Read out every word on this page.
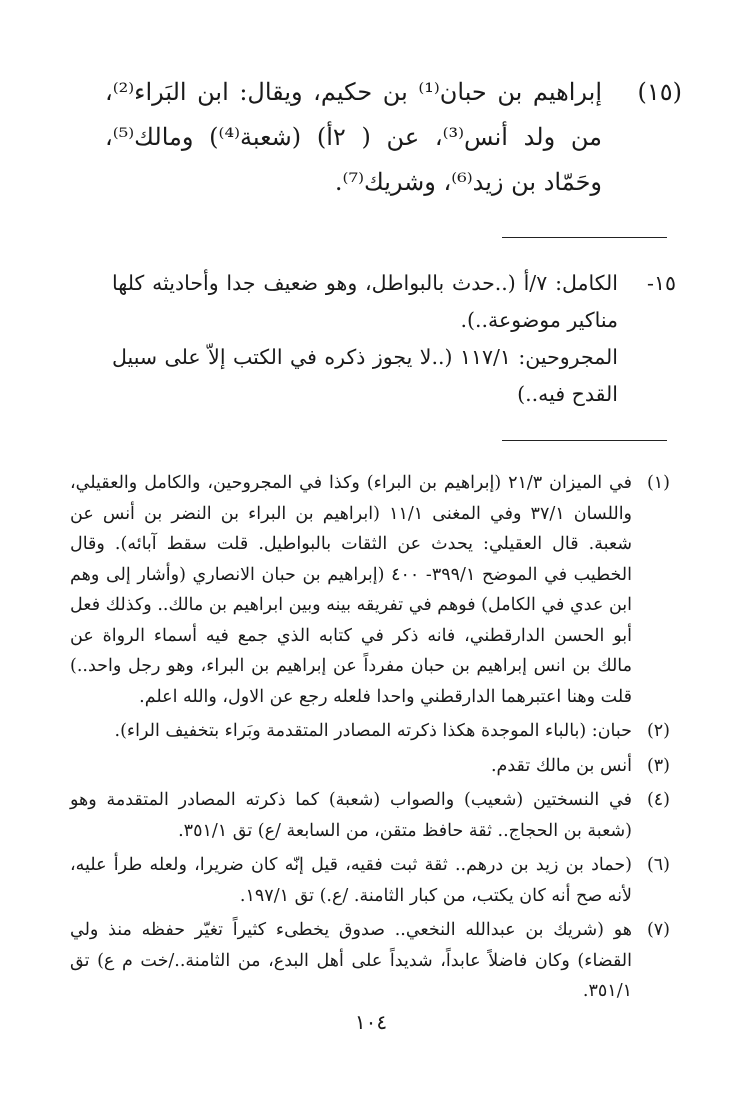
(١٥)
إبراهيم بن حبان⁽¹⁾ بن حكيم، ويقال: ابن البَراء⁽²⁾، من ولد أنس⁽³⁾، عن ( ٢أ) (شعبة⁽⁴⁾) ومالك⁽⁵⁾، وحَمّاد بن زيد⁽⁶⁾، وشريك⁽⁷⁾.
١٥-

الكامل: ٧/أ (..حدث بالبواطل، وهو ضعيف جدا وأحاديثه كلها مناكير موضوعة..).

المجروحين: ١١٧/١ (..لا يجوز ذكره في الكتب إلاّ على سبيل القدح فيه..)

(١)
في الميزان ٢١/٣ (إبراهيم بن البراء) وكذا في المجروحين، والكامل والعقيلي، واللسان ٣٧/١ وفي المغنى ١١/١ (ابراهيم بن البراء بن النضر بن أنس عن شعبة. قال العقيلي: يحدث عن الثقات بالبواطيل. قلت سقط آبائه). وقال الخطيب في الموضح ٣٩٩/١- ٤٠٠ (إبراهيم بن حبان الانصاري (وأشار إلى وهم ابن عدي في الكامل) فوهم في تفريقه بينه وبين ابراهيم بن مالك.. وكذلك فعل أبو الحسن الدارقطني، فانه ذكر في كتابه الذي جمع فيه أسماء الرواة عن مالك بن انس إبراهيم بن حبان مفرداً عن إبراهيم بن البراء، وهو رجل واحد..) قلت وهنا اعتبرهما الدارقطني واحدا فلعله رجع عن الاول، والله اعلم.
(٢)
حبان: (بالباء الموجدة هكذا ذكرته المصادر المتقدمة وبَراء بتخفيف الراء).
(٣)
أنس بن مالك تقدم.
(٤)
في النسختين (شعيب) والصواب (شعبة) كما ذكرته المصادر المتقدمة وهو (شعبة بن الحجاج.. ثقة حافظ متقن، من السابعة /ع) تق ٣٥١/١.
(٦)
(حماد بن زيد بن درهم.. ثقة ثبت فقيه، قيل إنّه كان ضريرا، ولعله طرأ عليه، لأنه صح أنه كان يكتب، من كبار الثامنة. /ع.) تق ١٩٧/١.
(٧)
هو (شريك بن عبدالله النخعي.. صدوق يخطىء كثيراً تغيّر حفظه منذ ولي القضاء) وكان فاضلاً عابداً، شديداً على أهل البدع، من الثامنة../خت م ع) تق ٣٥١/١.
١٠٤
